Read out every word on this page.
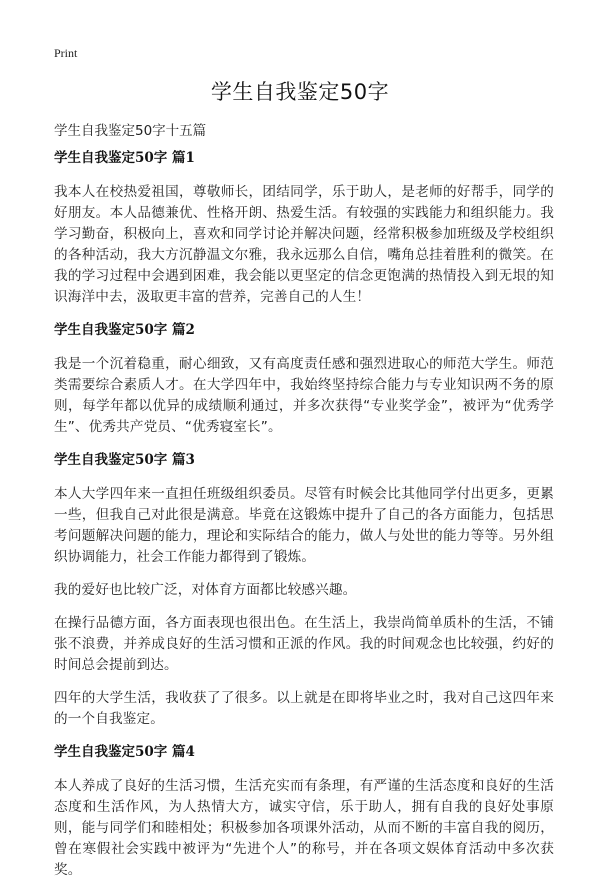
Print
学生自我鉴定50字
学生自我鉴定50字十五篇
学生自我鉴定50字 篇1

我本人在校热爱祖国，尊敬师长，团结同学，乐于助人，是老师的好帮手，同学的好朋友。本人品德兼优、性格开朗、热爱生活。有较强的实践能力和组织能力。我学习勤奋，积极向上，喜欢和同学讨论并解决问题，经常积极参加班级及学校组织的各种活动，我大方沉静温文尔雅，我永远那么自信，嘴角总挂着胜利的微笑。在我的学习过程中会遇到困难，我会能以更坚定的信念更饱满的热情投入到无垠的知识海洋中去，汲取更丰富的营养，完善自己的人生！

学生自我鉴定50字 篇2

我是一个沉着稳重，耐心细致，又有高度责任感和强烈进取心的师范大学生。师范类需要综合素质人才。在大学四年中，我始终坚持综合能力与专业知识两不务的原则，每学年都以优异的成绩顺利通过，并多次获得“专业奖学金”，被评为“优秀学生”、优秀共产党员、“优秀寝室长”。

学生自我鉴定50字 篇3

本人大学四年来一直担任班级组织委员。尽管有时候会比其他同学付出更多，更累一些，但我自己对此很是满意。毕竟在这锻炼中提升了自己的各方面能力，包括思考问题解决问题的能力，理论和实际结合的能力，做人与处世的能力等等。另外组织协调能力，社会工作能力都得到了锻炼。

我的爱好也比较广泛，对体育方面都比较感兴趣。

在操行品德方面，各方面表现也很出色。在生活上，我崇尚简单质朴的生活，不铺张不浪费，并养成良好的生活习惯和正派的作风。我的时间观念也比较强，约好的时间总会提前到达。

四年的大学生活，我收获了了很多。以上就是在即将毕业之时，我对自己这四年来的一个自我鉴定。

学生自我鉴定50字 篇4

本人养成了良好的生活习惯，生活充实而有条理，有严谨的生活态度和良好的生活态度和生活作风，为人热情大方，诚实守信，乐于助人，拥有自我的良好处事原则，能与同学们和睦相处；积极参加各项课外活动，从而不断的丰富自我的阅历，曾在寒假社会实践中被评为“先进个人”的称号，并在各项文娱体育活动中多次获奖。
